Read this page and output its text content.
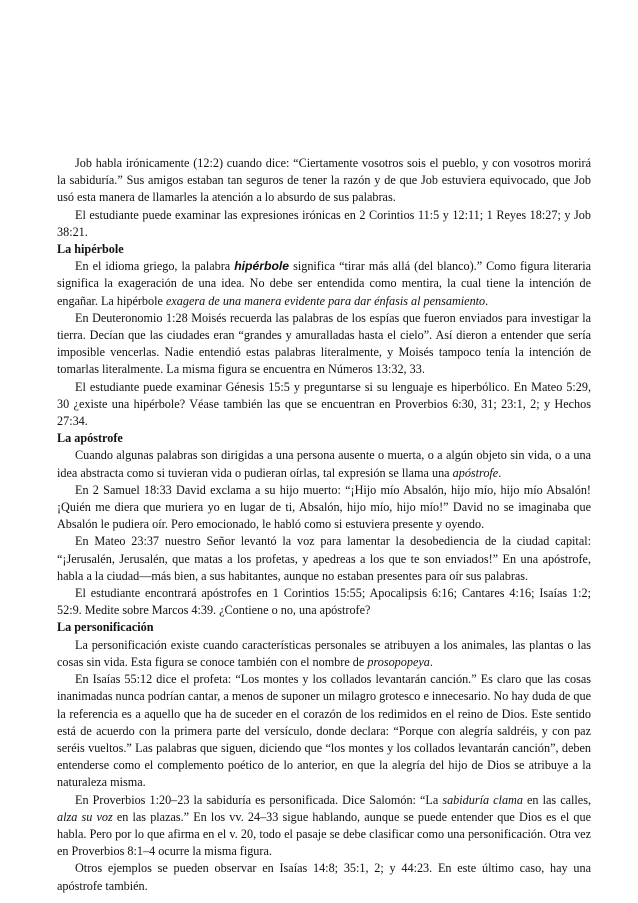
Job habla irónicamente (12:2) cuando dice: “Ciertamente vosotros sois el pueblo, y con vosotros morirá la sabiduría.” Sus amigos estaban tan seguros de tener la razón y de que Job estuviera equivocado, que Job usó esta manera de llamarles la atención a lo absurdo de sus palabras.

El estudiante puede examinar las expresiones irónicas en 2 Corintios 11:5 y 12:11; 1 Reyes 18:27; y Job 38:21.

La hipérbole

En el idioma griego, la palabra hipérbole significa “tirar más allá (del blanco).” Como figura literaria significa la exageración de una idea. No debe ser entendida como mentira, la cual tiene la intención de engañar. La hipérbole exagera de una manera evidente para dar énfasis al pensamiento.

En Deuteronomio 1:28 Moisés recuerda las palabras de los espías que fueron enviados para investigar la tierra. Decían que las ciudades eran “grandes y amuralladas hasta el cielo”. Así dieron a entender que sería imposible vencerlas. Nadie entendió estas palabras literalmente, y Moisés tampoco tenía la intención de tomarlas literalmente. La misma figura se encuentra en Números 13:32, 33.

El estudiante puede examinar Génesis 15:5 y preguntarse si su lenguaje es hiperbólico. En Mateo 5:29, 30 ¿existe una hipérbole? Véase también las que se encuentran en Proverbios 6:30, 31; 23:1, 2; y Hechos 27:34.

La apóstrofe

Cuando algunas palabras son dirigidas a una persona ausente o muerta, o a algún objeto sin vida, o a una idea abstracta como si tuvieran vida o pudieran oírlas, tal expresión se llama una apóstrofe.

En 2 Samuel 18:33 David exclama a su hijo muerto: “¡Hijo mío Absalón, hijo mío, hijo mío Absalón! ¡Quién me diera que muriera yo en lugar de ti, Absalón, hijo mío, hijo mío!” David no se imaginaba que Absalón le pudiera oír. Pero emocionado, le habló como si estuviera presente y oyendo.

En Mateo 23:37 nuestro Señor levantó la voz para lamentar la desobediencia de la ciudad capital: “¡Jerusalén, Jerusalén, que matas a los profetas, y apedreas a los que te son enviados!” En una apóstrofe, habla a la ciudad—más bien, a sus habitantes, aunque no estaban presentes para oír sus palabras.

El estudiante encontrará apóstrofes en 1 Corintios 15:55; Apocalipsis 6:16; Cantares 4:16; Isaías 1:2; 52:9. Medite sobre Marcos 4:39. ¿Contiene o no, una apóstrofe?

La personificación

La personificación existe cuando características personales se atribuyen a los animales, las plantas o las cosas sin vida. Esta figura se conoce también con el nombre de prosopopeya.

En Isaías 55:12 dice el profeta: “Los montes y los collados levantarán canción.” Es claro que las cosas inanimadas nunca podrían cantar, a menos de suponer un milagro grotesco e innecesario. No hay duda de que la referencia es a aquello que ha de suceder en el corazón de los redimidos en el reino de Dios. Este sentido está de acuerdo con la primera parte del versículo, donde declara: “Porque con alegría saldréis, y con paz seréis vueltos.” Las palabras que siguen, diciendo que “los montes y los collados levantarán canción”, deben entenderse como el complemento poético de lo anterior, en que la alegría del hijo de Dios se atribuye a la naturaleza misma.

En Proverbios 1:20–23 la sabiduría es personificada. Dice Salomón: “La sabiduría clama en las calles, alza su voz en las plazas.” En los vv. 24–33 sigue hablando, aunque se puede entender que Dios es el que habla. Pero por lo que afirma en el v. 20, todo el pasaje se debe clasificar como una personificación. Otra vez en Proverbios 8:1–4 ocurre la misma figura.

Otros ejemplos se pueden observar en Isaías 14:8; 35:1, 2; y 44:23. En este último caso, hay una apóstrofe también.
